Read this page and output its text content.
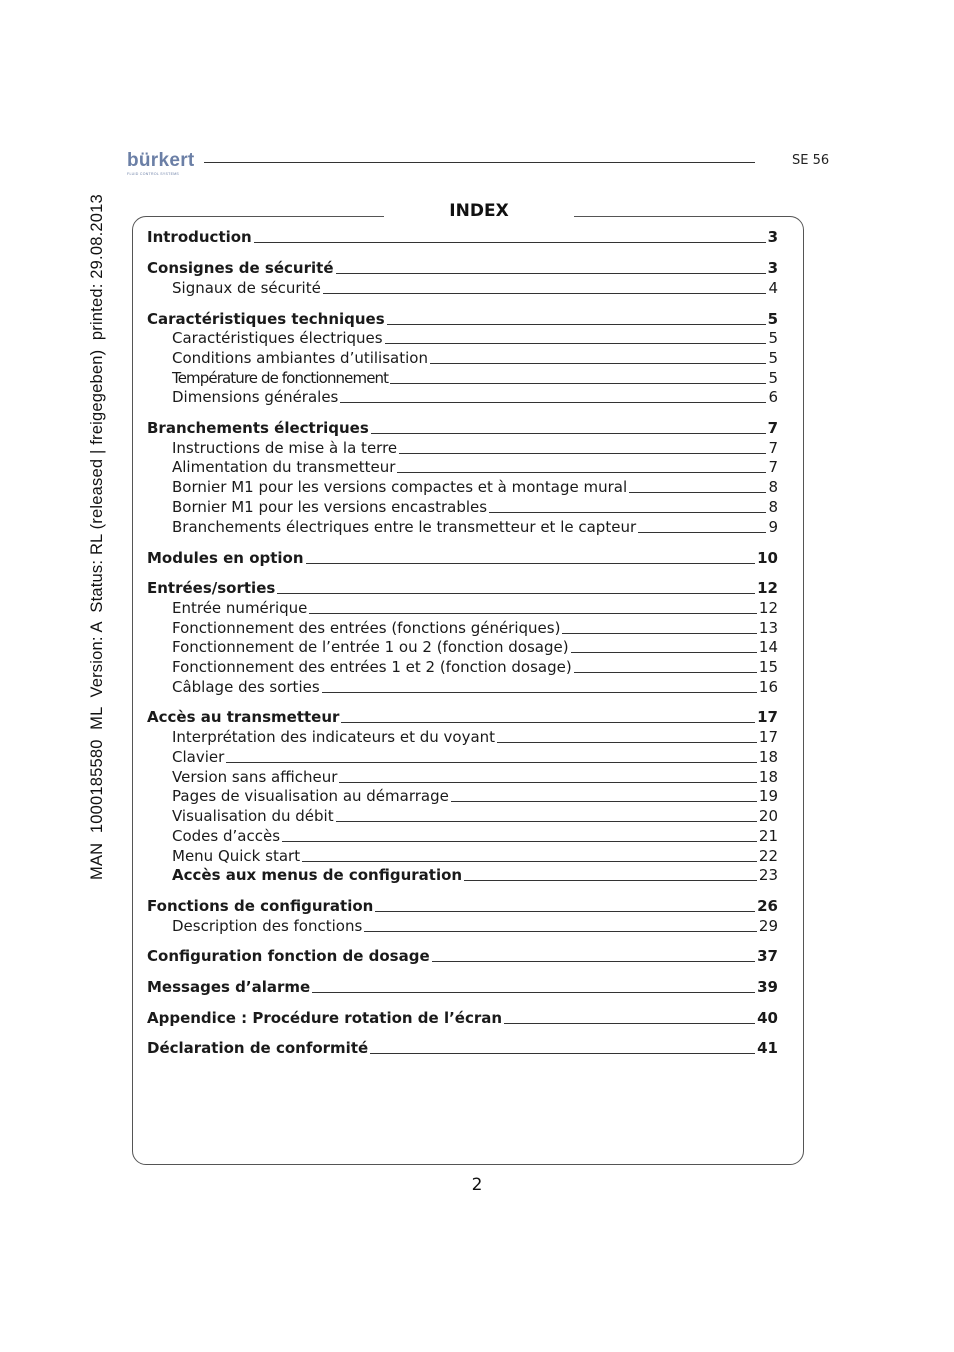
MAN  1000185580  ML  Version: A  Status: RL (released | freigegeben)  printed: 29.08.2013
bürkert
FLUID CONTROL SYSTEMS
SE 56
INDEX
Introduction	3
Consignes de sécurité	3
Signaux de sécurité	4
Caractéristiques techniques	5
Caractéristiques électriques	5
Conditions ambiantes d’utilisation	5
Température de fonctionnement	5
Dimensions générales	6
Branchements électriques	7
Instructions de mise à la terre	7
Alimentation du transmetteur	7
Bornier M1 pour les versions compactes et à montage mural	8
Bornier M1 pour les versions encastrables	8
Branchements électriques entre le transmetteur et le capteur	9
Modules en option	10
Entrées/sorties	12
Entrée numérique	12
Fonctionnement des entrées (fonctions génériques)	13
Fonctionnement de l’entrée 1 ou 2 (fonction dosage)	14
Fonctionnement des entrées 1 et 2 (fonction dosage)	15
Câblage des sorties	16
Accès au transmetteur	17
Interprétation des indicateurs et du voyant	17
Clavier	18
Version sans afficheur	18
Pages de visualisation au démarrage	19
Visualisation du débit	20
Codes d’accès	21
Menu Quick start	22
Accès aux menus de configuration	23
Fonctions de configuration	26
Description des fonctions	29
Configuration fonction de dosage	37
Messages d’alarme	39
Appendice : Procédure rotation de l’écran	40
Déclaration de conformité	41
2
